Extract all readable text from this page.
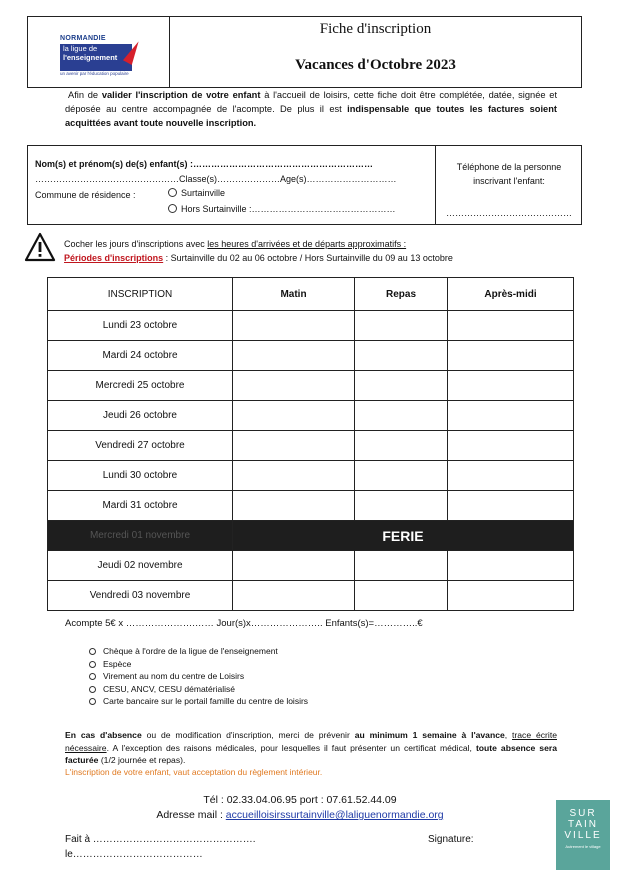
NORMANDIE
la ligue de
l'enseignement
un avenir par l'éducation populaire
Fiche d'inscription
Vacances d'Octobre 2023
Afin de valider l'inscription de votre enfant à l'accueil de loisirs, cette fiche doit être complétée, datée, signée et déposée au centre accompagnée de l'acompte. De plus il est indispensable que toutes les factures soient acquittées avant toute nouvelle inscription.
Nom(s) et prénom(s) de(s) enfant(s) :……………………………………………………
…………………………………………Classe(s)…………………Age(s)…………………………
Commune de résidence :	Surtainville
Hors Surtainville :…………………………………………
Téléphone de la personne
inscrivant l'enfant:
……………………………………
Cocher les jours d'inscriptions avec les heures d'arrivées et de départs approximatifs :
Périodes d'inscriptions : Surtainville du 02 au 06 octobre / Hors Surtainville du 09 au 13 octobre
INSCRIPTION	Matin	Repas	Après-midi
Lundi 23 octobre			
Mardi 24 octobre			
Mercredi 25 octobre			
Jeudi 26 octobre			
Vendredi 27 octobre			
Lundi 30 octobre			
Mardi 31 octobre			
Mercredi 01 novembre	FERIE		
Jeudi 02 novembre			
Vendredi 03 novembre			
Acompte 5€ x ………………….…… Jour(s)x………………….. Enfants(s)=…………..€
Chèque à l'ordre de la ligue de l'enseignement
Espèce
Virement au nom du centre de Loisirs
CESU, ANCV, CESU dématérialisé
Carte bancaire sur le portail famille du centre de loisirs
En cas d'absence ou de modification d'inscription, merci de prévenir au minimum 1 semaine à l'avance, trace écrite nécessaire. A l'exception des raisons médicales, pour lesquelles il faut présenter un certificat médical, toute absence sera facturée (1/2 journée et repas).
L'inscription de votre enfant, vaut acceptation du règlement intérieur.
Tél : 02.33.04.06.95 port : 07.61.52.44.09
Adresse mail : accueilloisirssurtainville@laliguenormandie.org
Fait à ………………………………………….
le…………………………………
Signature:
SUR
TAIN
VILLE
Autrement le village
